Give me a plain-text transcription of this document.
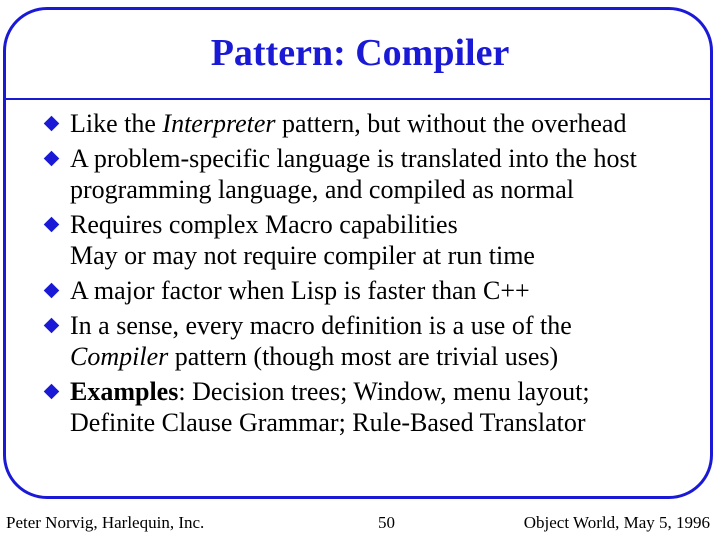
Pattern: Compiler
Like the Interpreter pattern, but without the overhead
A problem-specific language is translated into the host
programming language, and compiled as normal
Requires complex Macro capabilities
May or may not require compiler at run time
A major factor when Lisp is faster than C++
In a sense, every macro definition is a use of the
Compiler pattern (though most are trivial uses)
Examples: Decision trees; Window, menu layout;
Definite Clause Grammar; Rule-Based Translator
Peter Norvig, Harlequin, Inc.	50	Object World, May 5, 1996
